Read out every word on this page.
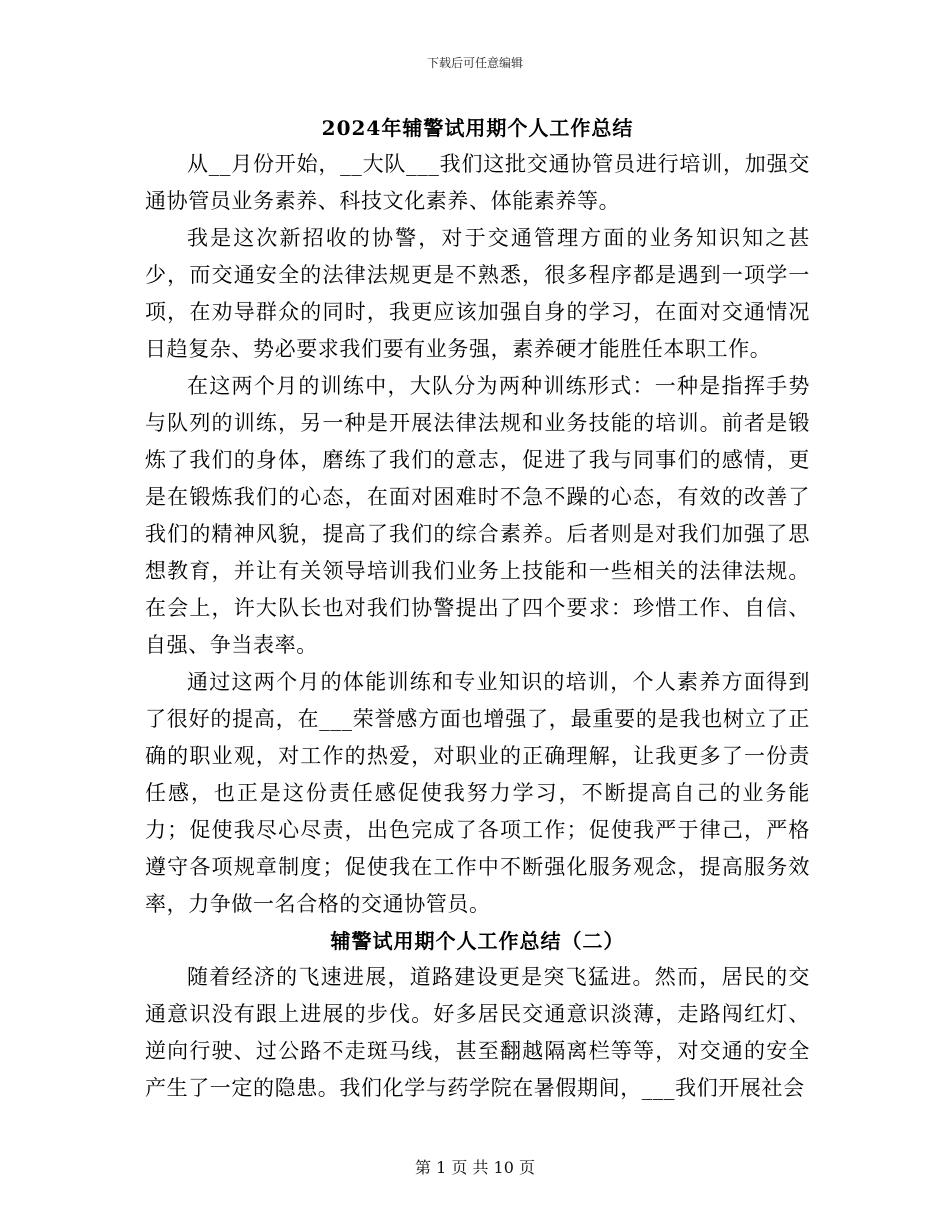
下载后可任意编辑
2024年辅警试用期个人工作总结

从__月份开始，__大队___我们这批交通协管员进行培训，加强交通协管员业务素养、科技文化素养、体能素养等。

我是这次新招收的协警，对于交通管理方面的业务知识知之甚少，而交通安全的法律法规更是不熟悉，很多程序都是遇到一项学一项，在劝导群众的同时，我更应该加强自身的学习，在面对交通情况日趋复杂、势必要求我们要有业务强，素养硬才能胜任本职工作。

在这两个月的训练中，大队分为两种训练形式：一种是指挥手势与队列的训练，另一种是开展法律法规和业务技能的培训。前者是锻炼了我们的身体，磨练了我们的意志，促进了我与同事们的感情，更是在锻炼我们的心态，在面对困难时不急不躁的心态，有效的改善了我们的精神风貌，提高了我们的综合素养。后者则是对我们加强了思想教育，并让有关领导培训我们业务上技能和一些相关的法律法规。在会上，许大队长也对我们协警提出了四个要求：珍惜工作、自信、自强、争当表率。

通过这两个月的体能训练和专业知识的培训，个人素养方面得到了很好的提高，在___荣誉感方面也增强了，最重要的是我也树立了正确的职业观，对工作的热爱，对职业的正确理解，让我更多了一份责任感，也正是这份责任感促使我努力学习，不断提高自己的业务能力；促使我尽心尽责，出色完成了各项工作；促使我严于律己，严格遵守各项规章制度；促使我在工作中不断强化服务观念，提高服务效率，力争做一名合格的交通协管员。

辅警试用期个人工作总结（二）

随着经济的飞速进展，道路建设更是突飞猛进。然而，居民的交通意识没有跟上进展的步伐。好多居民交通意识淡薄，走路闯红灯、逆向行驶、过公路不走斑马线，甚至翻越隔离栏等等，对交通的安全产生了一定的隐患。我们化学与药学院在暑假期间，___我们开展社会

第 1 页 共 10 页
